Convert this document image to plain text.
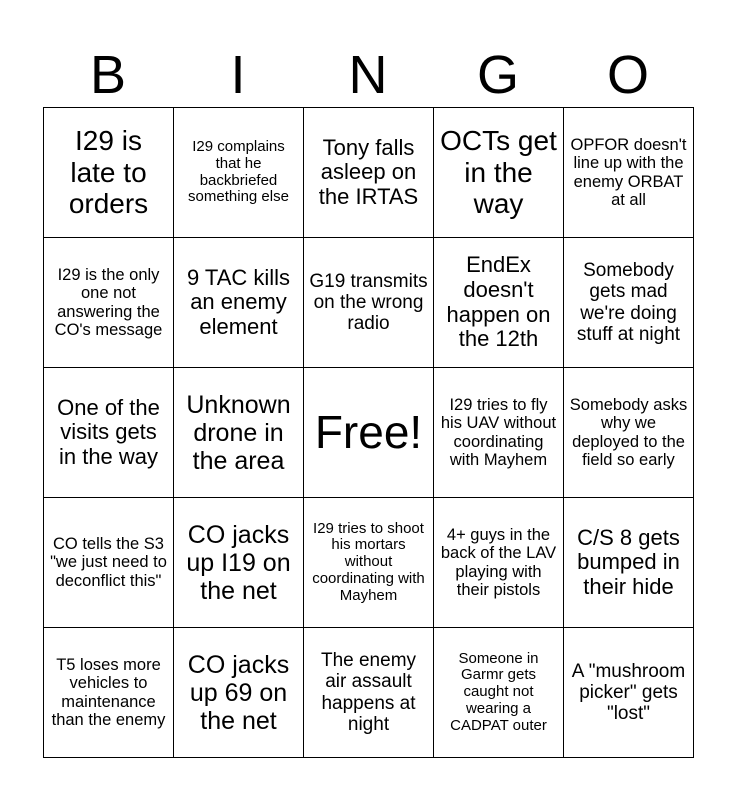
B	I	N	G	O
I29 is late to orders	I29 complains that he backbriefed something else	Tony falls asleep on the IRTAS	OCTs get in the way	OPFOR doesn't line up with the enemy ORBAT at all
I29 is the only one not answering the CO's message	9 TAC kills an enemy element	G19 transmits on the wrong radio	EndEx doesn't happen on the 12th	Somebody gets mad we're doing stuff at night
One of the visits gets in the way	Unknown drone in the area	Free!	I29 tries to fly his UAV without coordinating with Mayhem	Somebody asks why we deployed to the field so early
CO tells the S3 "we just need to deconflict this"	CO jacks up I19 on the net	I29 tries to shoot his mortars without coordinating with Mayhem	4+ guys in the back of the LAV playing with their pistols	C/S 8 gets bumped in their hide
T5 loses more vehicles to maintenance than the enemy	CO jacks up 69 on the net	The enemy air assault happens at night	Someone in Garmr gets caught not wearing a CADPAT outer	A "mushroom picker" gets "lost"
